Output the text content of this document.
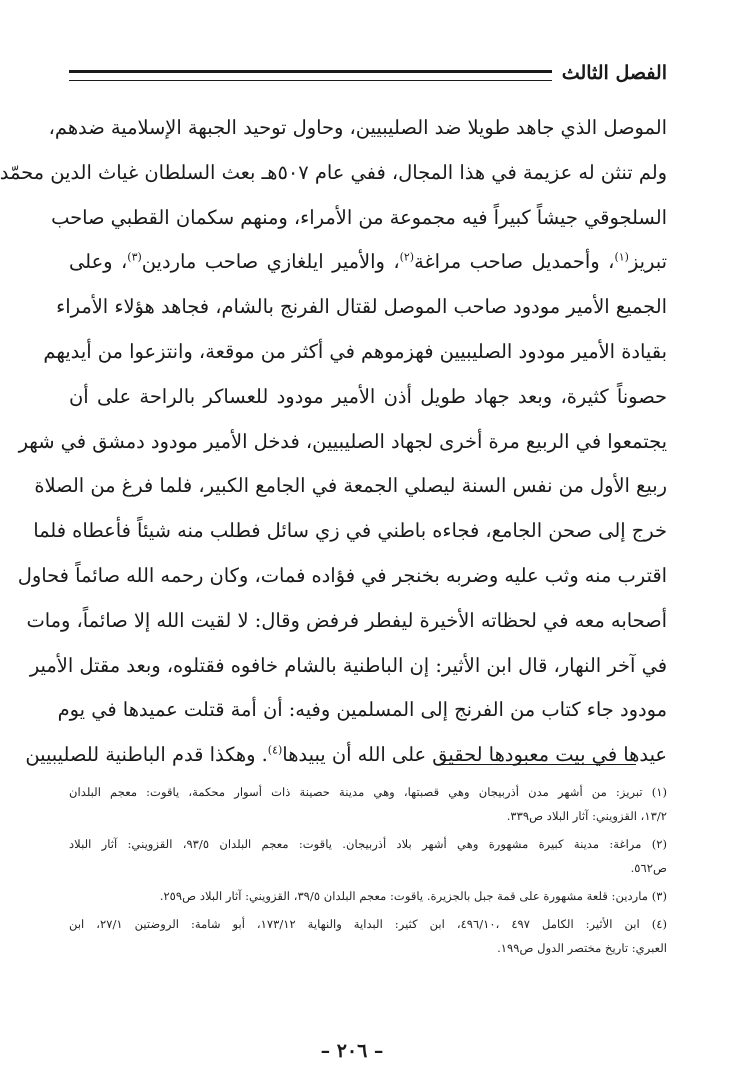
الفصل الثالث
الموصل الذي جاهد طويلا ضد الصليبيين، وحاول توحيد الجبهة الإسلامية ضدهم،
ولم تنثن له عزيمة في هذا المجال، ففي عام ٥٠٧هـ بعث السلطان غياث الدين محمّد
السلجوقي جيشاً كبيراً فيه مجموعة من الأمراء، ومنهم سكمان القطبي صاحب
تبريز$^{(١)}$، وأحمديل صاحب مراغة$^{(٢)}$، والأمير ايلغازي صاحب ماردين$^{(٣)}$، وعلى
الجميع الأمير مودود صاحب الموصل لقتال الفرنج بالشام، فجاهد هؤلاء الأمراء
بقيادة الأمير مودود الصليبيين فهزموهم في أكثر من موقعة، وانتزعوا من أيديهم
حصوناً كثيرة، وبعد جهاد طويل أذن الأمير مودود للعساكر بالراحة على أن
يجتمعوا في الربيع مرة أخرى لجهاد الصليبيين، فدخل الأمير مودود دمشق في شهر
ربيع الأول من نفس السنة ليصلي الجمعة في الجامع الكبير، فلما فرغ من الصلاة
خرج إلى صحن الجامع، فجاءه باطني في زي سائل فطلب منه شيئاً فأعطاه فلما
اقترب منه وثب عليه وضربه بخنجر في فؤاده فمات، وكان رحمه الله صائماً فحاول
أصحابه معه في لحظاته الأخيرة ليفطر فرفض وقال: لا لقيت الله إلا صائماً، ومات
في آخر النهار، قال ابن الأثير: إن الباطنية بالشام خافوه فقتلوه، وبعد مقتل الأمير
مودود جاء كتاب من الفرنج إلى المسلمين وفيه: أن أمة قتلت عميدها في يوم
عيدها في بيت معبودها لحقيق على الله أن يبيدها$^{(٤)}$. وهكذا قدم الباطنية للصليبيين
(١) تبريز: من أشهر مدن أذربيجان وهي قصبتها، وهي مدينة حصينة ذات أسوار محكمة، ياقوت: معجم البلدان
١٣/٢، القزويني: آثار البلاد ص٣٣٩.
(٢) مراغة: مدينة كبيرة مشهورة وهي أشهر بلاد أذربيجان. ياقوت: معجم البلدان ٩٣/٥، القزويني: آثار البلاد
ص٥٦٢.
(٣) ماردين: قلعة مشهورة على قمة جبل بالجزيرة. ياقوت: معجم البلدان ٣٩/٥، القزويني: آثار البلاد ص٢٥٩.
(٤) ابن الأثير: الكامل ٤٩٧ ،٤٩٦/١٠، ابن كثير: البداية والنهاية ١٧٣/١٢، أبو شامة: الروضتين ٢٧/١، ابن
العبري: تاريخ مختصر الدول ص١٩٩.
– ٢٠٦ –
